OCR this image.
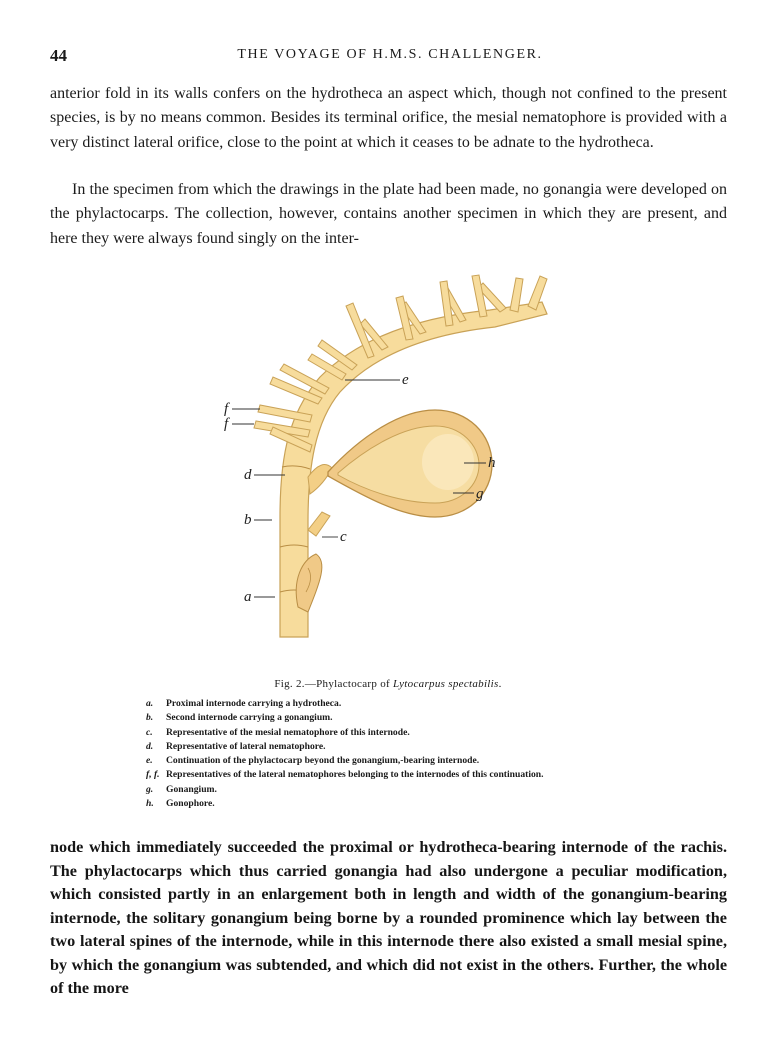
44	THE VOYAGE OF H.M.S. CHALLENGER.

anterior fold in its walls confers on the hydrotheca an aspect which, though not confined to the present species, is by no means common. Besides its terminal orifice, the mesial nematophore is provided with a very distinct lateral orifice, close to the point at which it ceases to be adnate to the hydrotheca.

In the specimen from which the drawings in the plate had been made, no gonangia were developed on the phylactocarps. The collection, however, contains another specimen in which they are present, and here they were always found singly on the inter-

e
f
f
d
b
c
a
h
g
Fig. 2.—Phylactocarp of Lytocarpus spectabilis.
a. Proximal internode carrying a hydrotheca.
b. Second internode carrying a gonangium.
c. Representative of the mesial nematophore of this internode.
d. Representative of lateral nematophore.
e. Continuation of the phylactocarp beyond the gonangium,-bearing internode.
f, f. Representatives of the lateral nematophores belonging to the internodes of this continuation.
g. Gonangium.
h. Gonophore.

node which immediately succeeded the proximal or hydrotheca-bearing internode of the rachis. The phylactocarps which thus carried gonangia had also undergone a peculiar modification, which consisted partly in an enlargement both in length and width of the gonangium-bearing internode, the solitary gonangium being borne by a rounded prominence which lay between the two lateral spines of the internode, while in this internode there also existed a small mesial spine, by which the gonangium was subtended, and which did not exist in the others. Further, the whole of the more
